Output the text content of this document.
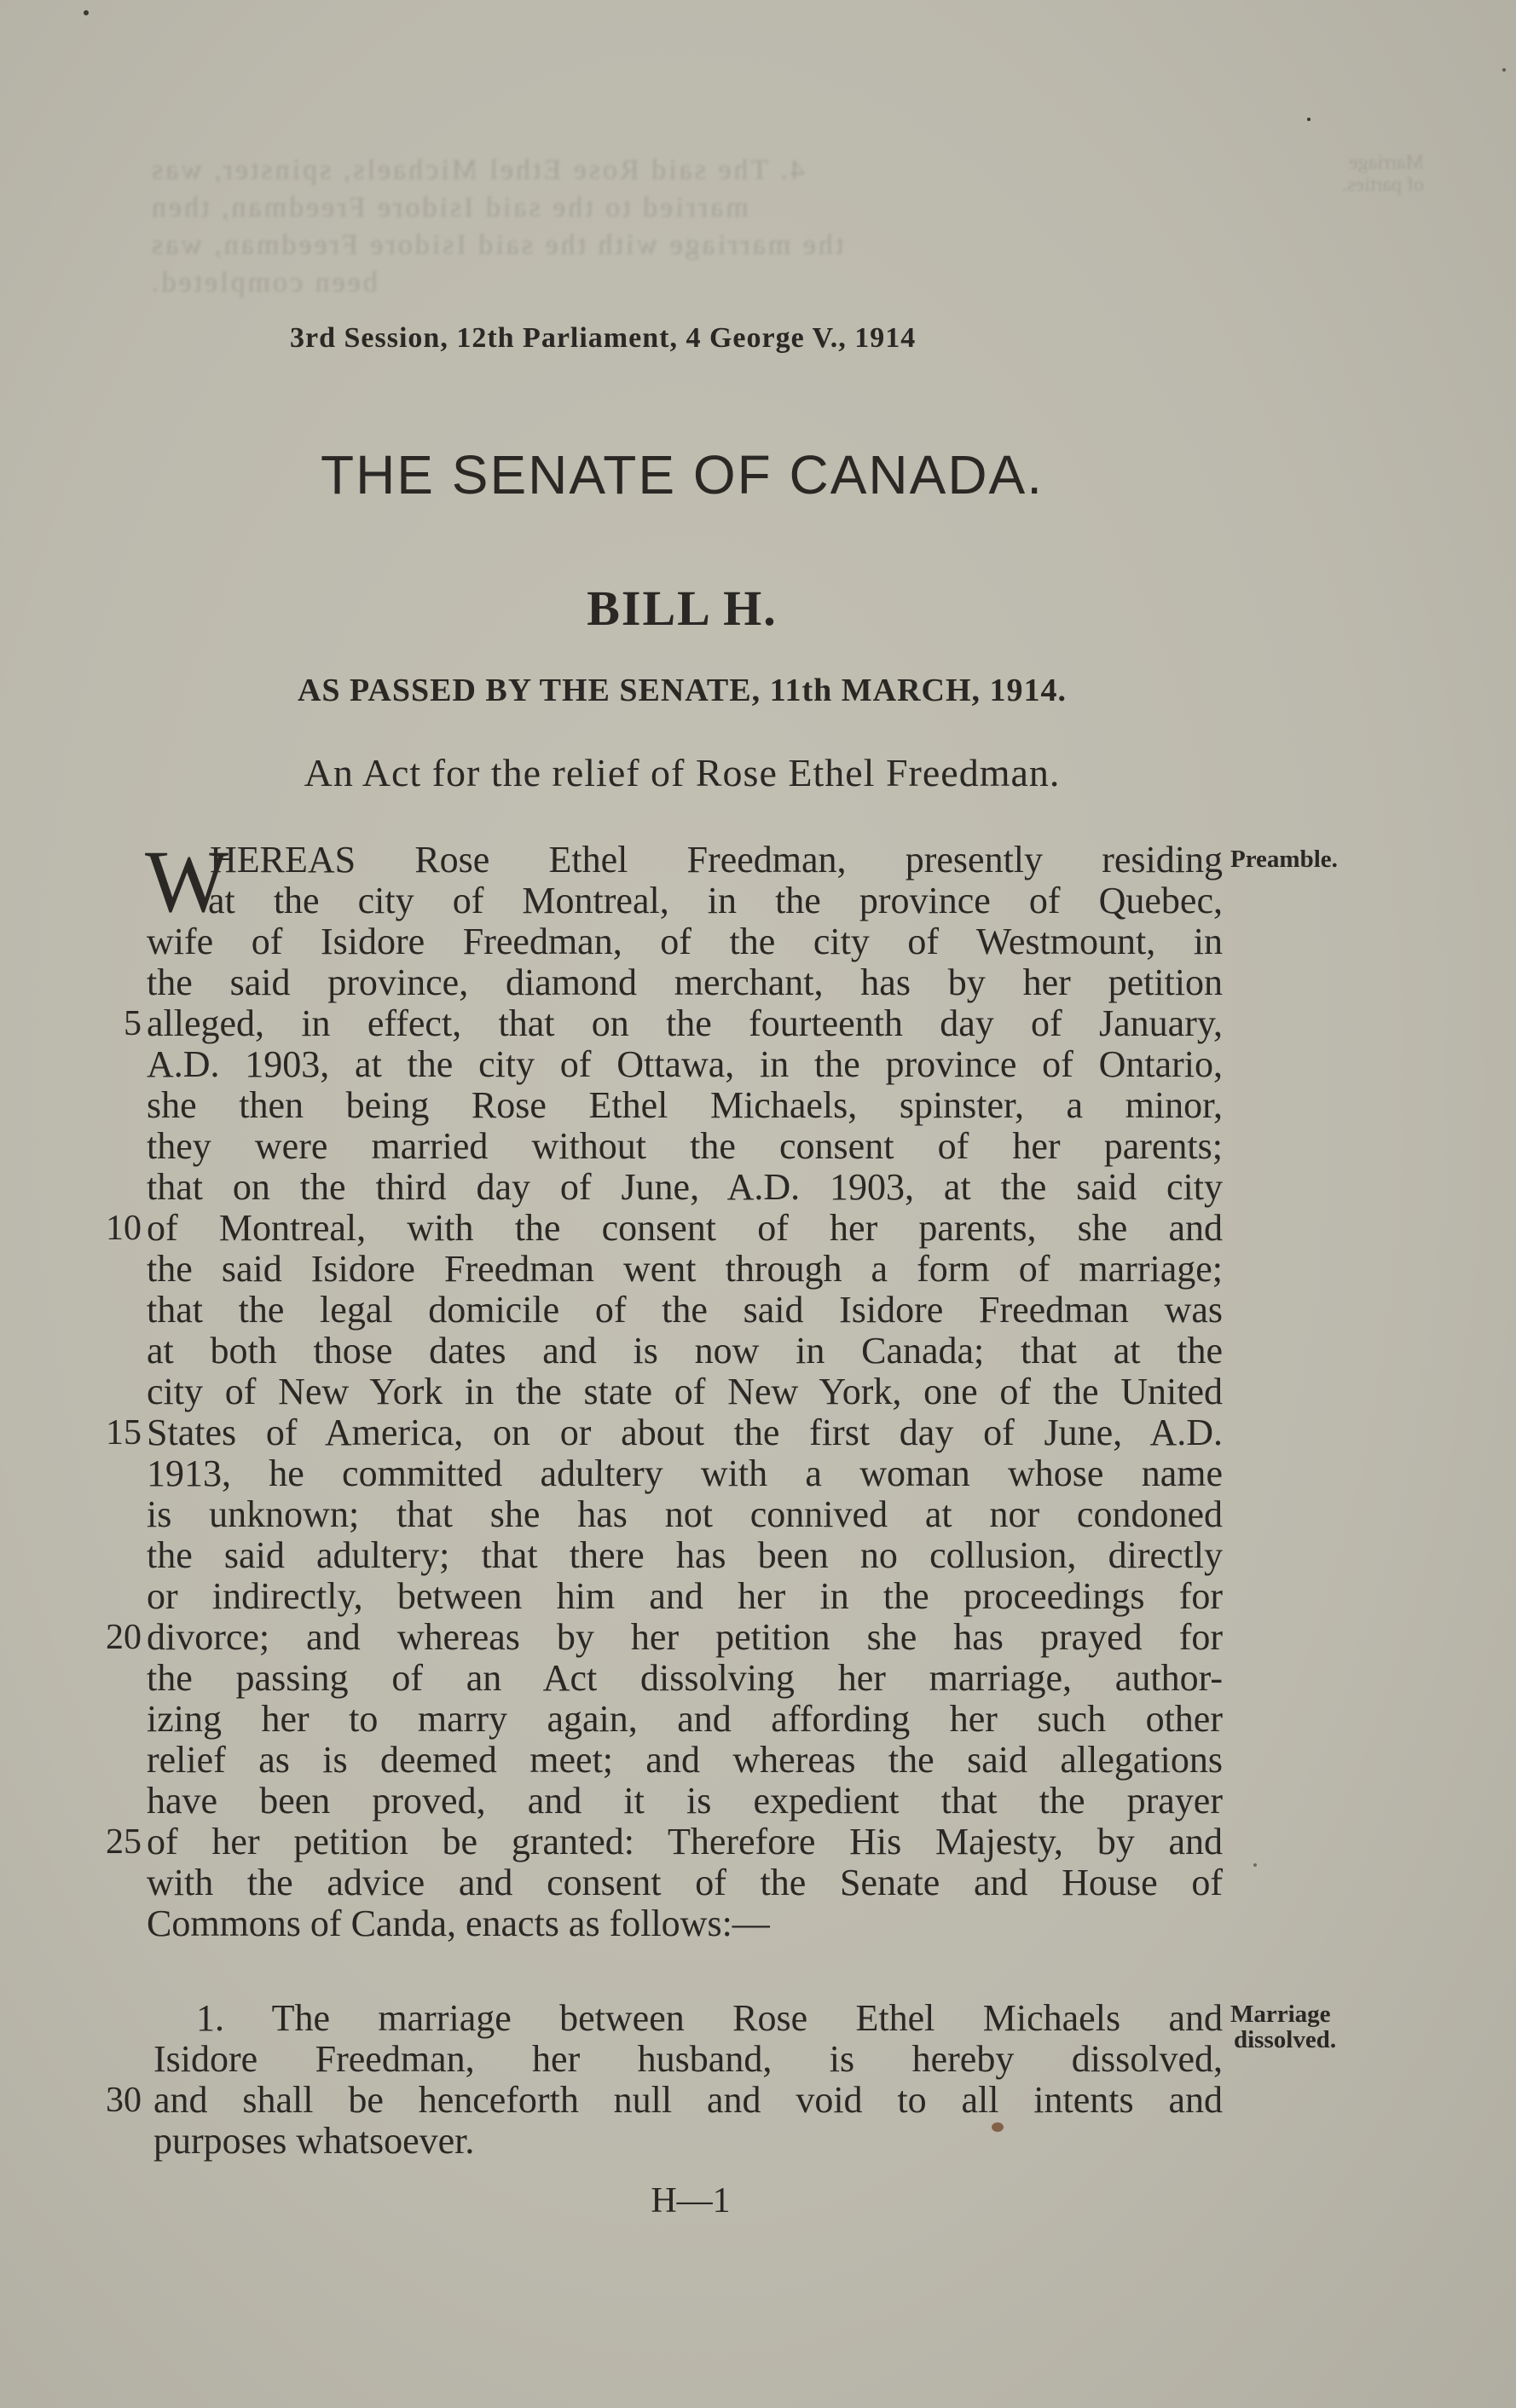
4. The said Rose Ethel Michaels, spinster, was
married to the said Isidore Freedman, then
the marriage with the said Isidore Freedman, was
been completed.
Marriage
of parties.
3rd Session, 12th Parliament, 4 George V., 1914
THE SENATE OF CANADA.
BILL H.
AS PASSED BY THE SENATE, 11th MARCH, 1914.
An Act for the relief of Rose Ethel Freedman.
W	Preamble.
HEREAS Rose Ethel Freedman, presently residing
at the city of Montreal, in the province of Quebec,
wife of Isidore Freedman, of the city of Westmount, in
the said province, diamond merchant, has by her petition
alleged, in effect, that on the fourteenth day of January,
A.D. 1903, at the city of Ottawa, in the province of Ontario,
she then being Rose Ethel Michaels, spinster, a minor,
they were married without the consent of her parents;
that on the third day of June, A.D. 1903, at the said city
of Montreal, with the consent of her parents, she and
the said Isidore Freedman went through a form of marriage;
that the legal domicile of the said Isidore Freedman was
at both those dates and is now in Canada; that at the
city of New York in the state of New York, one of the United
States of America, on or about the first day of June, A.D.
1913, he committed adultery with a woman whose name
is unknown; that she has not connived at nor condoned
the said adultery; that there has been no collusion, directly
or indirectly, between him and her in the proceedings for
divorce; and whereas by her petition she has prayed for
the passing of an Act dissolving her marriage, author-
izing her to marry again, and affording her such other
relief as is deemed meet; and whereas the said allegations
have been proved, and it is expedient that the prayer
of her petition be granted: Therefore His Majesty, by and
with the advice and consent of the Senate and House of
Commons of Canda, enacts as follows:—
5
10
15
20
25
30
Marriage
dissolved.
1. The marriage between Rose Ethel Michaels and
Isidore Freedman, her husband, is hereby dissolved,
and shall be henceforth null and void to all intents and
purposes whatsoever.
H—1
